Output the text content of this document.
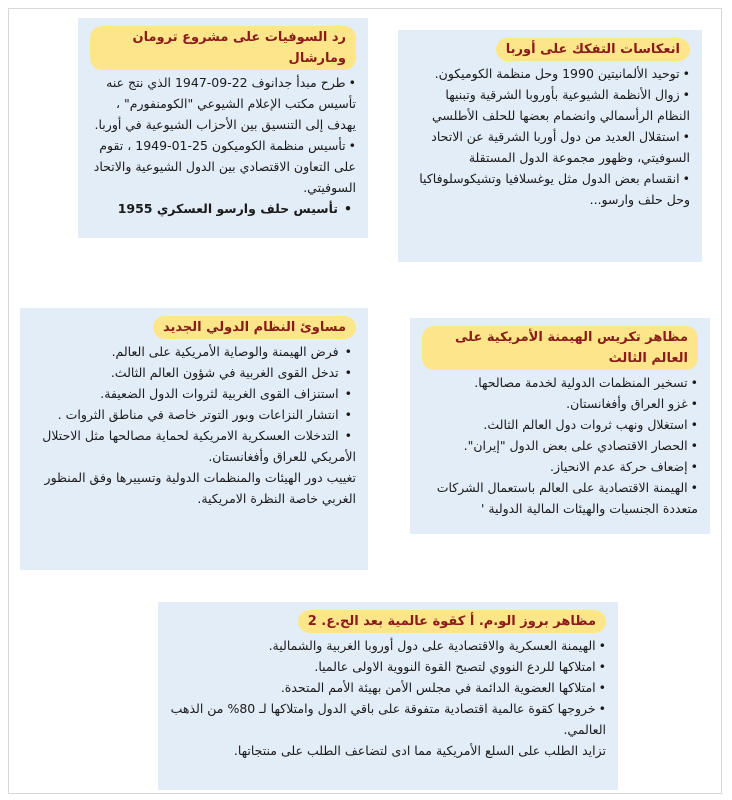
رد السوفيات على مشروع ترومان ومارشال
• طرح مبدأ جدانوف 22-09-1947 الذي نتج عنه تأسيس مكتب الإعلام الشيوعي "الكومنفورم" ، يهدف إلى التنسيق بين الأحزاب الشيوعية في أوربا.
• تأسيس منظمة الكوميكون 25-01-1949 ، تقوم على التعاون الاقتصادي بين الدول الشيوعية والاتحاد السوفيتي.
• تأسيس حلف وارسو العسكري 1955
انعكاسات التفكك على أوربا
• توحيد الألمانيتين 1990 وحل منظمة الكوميكون.
• زوال الأنظمة الشيوعية بأوروبا الشرقية وتبنيها النظام الرأسمالي وانضمام بعضها للحلف الأطلسي
• استقلال العديد من دول أوربا الشرقية عن الاتحاد السوفيتي، وظهور مجموعة الدول المستقلة
• انقسام بعض الدول مثل يوغسلافيا وتشيكوسلوفاكيا وحل حلف وارسو...
مساوئ النظام الدولي الجديد
• فرض الهيمنة والوصاية الأمريكية على العالم.
• تدخل القوى الغربية في شؤون العالم الثالث.
• استنزاف القوى الغربية لثروات الدول الضعيفة.
• انتشار النزاعات وبور التوتر خاصة في مناطق الثروات .
• التدخلات العسكرية الامريكية لحماية مصالحها مثل الاحتلال الأمريكي للعراق وأفغانستان.
تغييب دور الهيئات والمنظمات الدولية وتسييرها وفق المنظور الغربي خاصة النظرة الامريكية.
مظاهر تكريس الهيمنة الأمريكية على العالم الثالث
• تسخير المنظمات الدولية لخدمة مصالحها.
• غزو العراق وأفغانستان.
• استغلال ونهب ثروات دول العالم الثالث.
• الحصار الاقتصادي على بعض الدول "إيران".
• إضعاف حركة عدم الانحياز.
• الهيمنة الاقتصادية على العالم باستعمال الشركات متعددة الجنسيات والهيئات المالية الدولية '
مظاهر بروز الو.م. أ كقوة عالمية بعد الح.ع. 2
• الهيمنة العسكرية والاقتصادية على دول أوروبا الغربية والشمالية.
• امتلاكها للردع النووي لتصبح القوة النووية الاولى عالميا.
• امتلاكها العضوية الدائمة في مجلس الأمن بهيئة الأمم المتحدة.
• خروجها كقوة عالمية اقتصادية متفوقة على باقي الدول وامتلاكها لـ 80% من الذهب العالمي.
تزايد الطلب على السلع الأمريكية مما ادى لتضاعف الطلب على منتجاتها.
